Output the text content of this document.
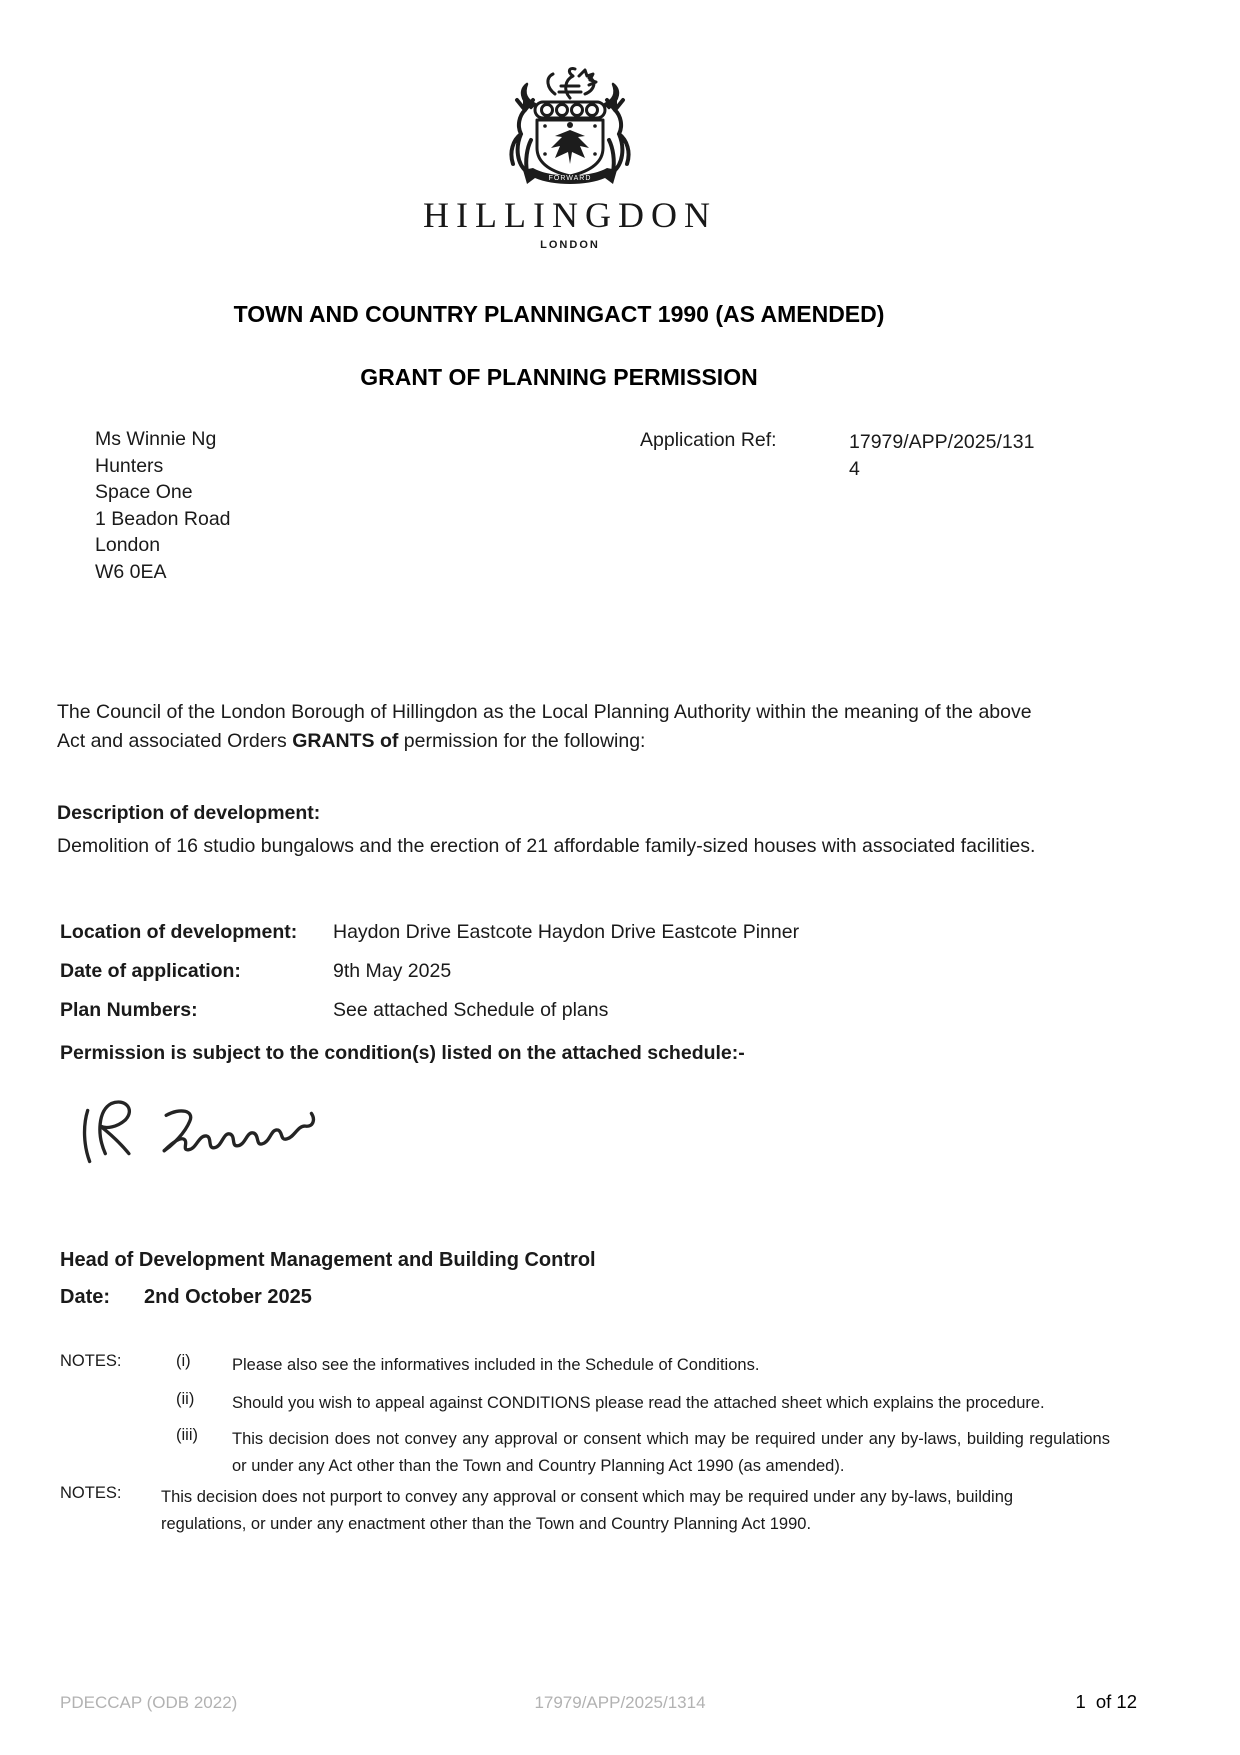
FORWARD
HILLINGDON
LONDON
TOWN AND COUNTRY PLANNINGACT 1990 (AS AMENDED)
GRANT OF PLANNING PERMISSION
Ms Winnie Ng
Hunters
Space One
1 Beadon Road
London
W6 0EA
Application Ref:	17979/APP/2025/1314

The Council of the London Borough of Hillingdon as the Local Planning Authority within the meaning of the above Act and associated Orders GRANTS of permission for the following:

Description of development:

Demolition of 16 studio bungalows and the erection of 21 affordable family-sized houses with associated facilities.

Location of development: Haydon Drive Eastcote Haydon Drive Eastcote Pinner
Date of application:	9th May 2025
Plan Numbers:	See attached Schedule of plans
Permission is subject to the condition(s) listed on the attached schedule:-
Head of Development Management and Building Control
Date: 2nd October 2025
NOTES:	(i)	Please also see the informatives included in the Schedule of Conditions.
(ii) Should you wish to appeal against CONDITIONS please read the attached sheet which explains the procedure.
(iii) This decision does not convey any approval or consent which may be required under any by-laws, building regulations or under any Act other than the Town and Country Planning Act 1990 (as amended).
NOTES: This decision does not purport to convey any approval or consent which may be required under any by-laws, building regulations, or under any enactment other than the Town and Country Planning Act 1990.
PDECCAP (ODB 2022)	17979/APP/2025/1314	1 of 12
